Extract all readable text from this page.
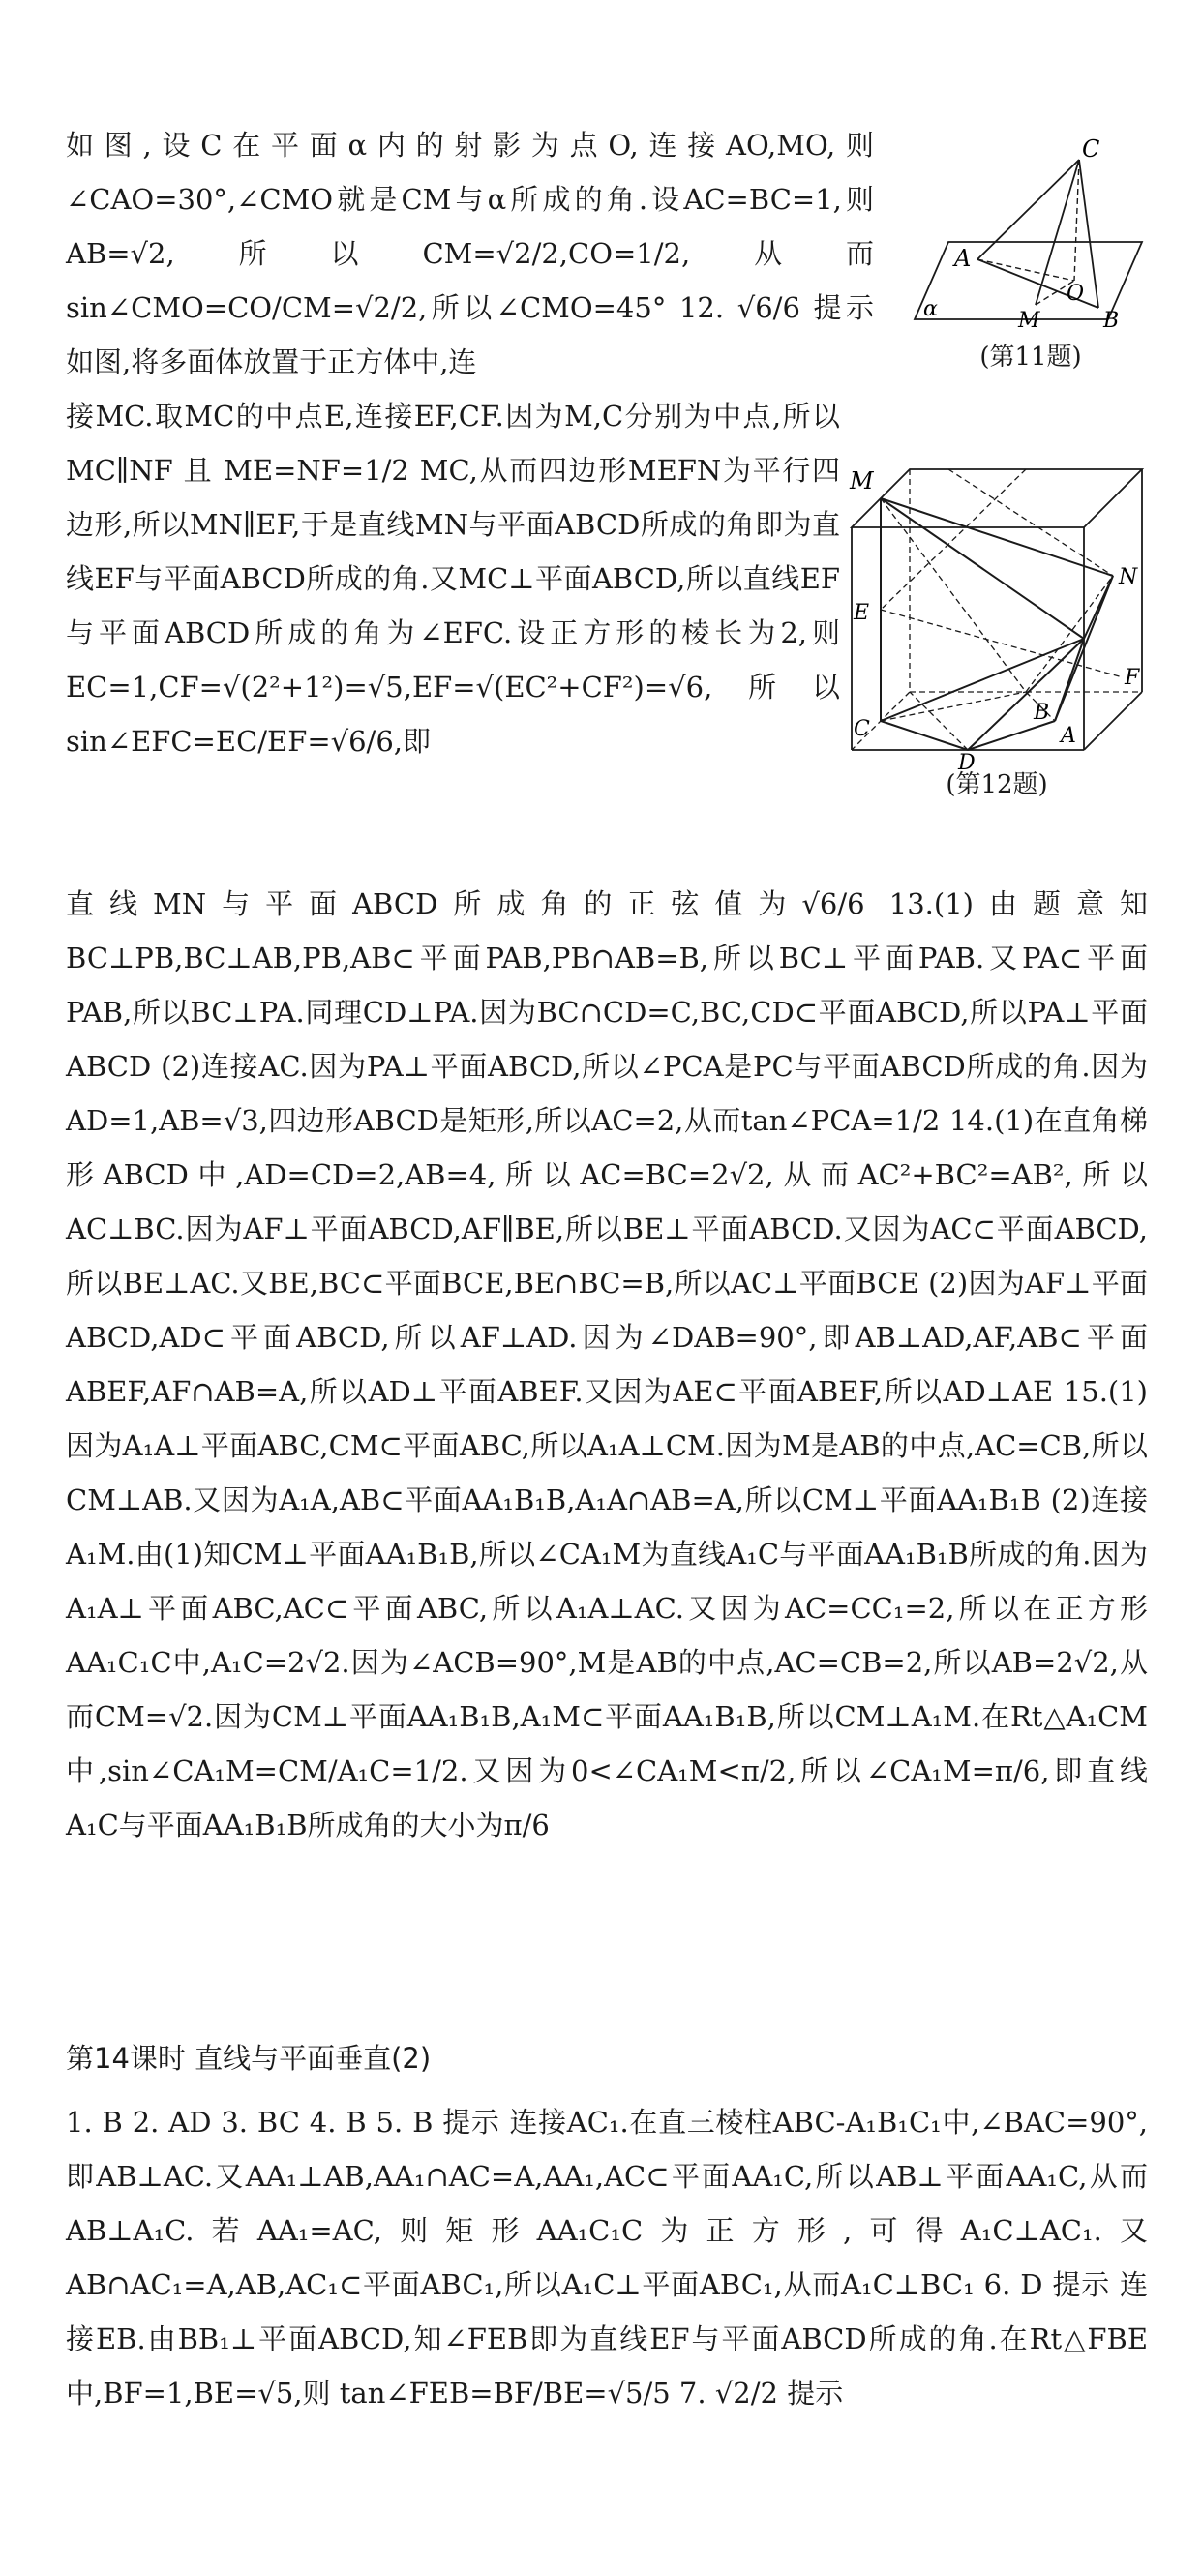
如图,设C在平面α内的射影为点O,连接AO,MO,则∠CAO=30°,∠CMO就是CM与α所成的角.设AC=BC=1,则AB=√2,所以CM=√2/2,CO=1/2,从而 sin∠CMO=CO/CM=√2/2,所以∠CMO=45° 12. √6/6 提示 如图,将多面体放置于正方体中,连

接MC.取MC的中点E,连接EF,CF.因为M,C分别为中点,所以 MC∥NF 且 ME=NF=1/2 MC,从而四边形MEFN为平行四边形,所以MN∥EF,于是直线MN与平面ABCD所成的角即为直线EF与平面ABCD所成的角.又MC⊥平面ABCD,所以直线EF与平面ABCD所成的角为∠EFC.设正方形的棱长为2,则EC=1,CF=√(2²+1²)=√5,EF=√(EC²+CF²)=√6,所以 sin∠EFC=EC/EF=√6/6,即

直线MN与平面ABCD所成角的正弦值为√6/6 13.(1)由题意知BC⊥PB,BC⊥AB,PB,AB⊂平面PAB,PB∩AB=B,所以BC⊥平面PAB.又PA⊂平面PAB,所以BC⊥PA.同理CD⊥PA.因为BC∩CD=C,BC,CD⊂平面ABCD,所以PA⊥平面ABCD (2)连接AC.因为PA⊥平面ABCD,所以∠PCA是PC与平面ABCD所成的角.因为AD=1,AB=√3,四边形ABCD是矩形,所以AC=2,从而tan∠PCA=1/2 14.(1)在直角梯形ABCD中,AD=CD=2,AB=4,所以AC=BC=2√2,从而AC²+BC²=AB²,所以AC⊥BC.因为AF⊥平面ABCD,AF∥BE,所以BE⊥平面ABCD.又因为AC⊂平面ABCD,所以BE⊥AC.又BE,BC⊂平面BCE,BE∩BC=B,所以AC⊥平面BCE (2)因为AF⊥平面ABCD,AD⊂平面ABCD,所以AF⊥AD.因为∠DAB=90°,即AB⊥AD,AF,AB⊂平面ABEF,AF∩AB=A,所以AD⊥平面ABEF.又因为AE⊂平面ABEF,所以AD⊥AE 15.(1)因为A₁A⊥平面ABC,CM⊂平面ABC,所以A₁A⊥CM.因为M是AB的中点,AC=CB,所以CM⊥AB.又因为A₁A,AB⊂平面AA₁B₁B,A₁A∩AB=A,所以CM⊥平面AA₁B₁B (2)连接A₁M.由(1)知CM⊥平面AA₁B₁B,所以∠CA₁M为直线A₁C与平面AA₁B₁B所成的角.因为A₁A⊥平面ABC,AC⊂平面ABC,所以A₁A⊥AC.又因为AC=CC₁=2,所以在正方形AA₁C₁C中,A₁C=2√2.因为∠ACB=90°,M是AB的中点,AC=CB=2,所以AB=2√2,从而CM=√2.因为CM⊥平面AA₁B₁B,A₁M⊂平面AA₁B₁B,所以CM⊥A₁M.在Rt△A₁CM中,sin∠CA₁M=CM/A₁C=1/2.又因为0<∠CA₁M<π/2,所以∠CA₁M=π/6,即直线A₁C与平面AA₁B₁B所成角的大小为π/6

第14课时 直线与平面垂直(2)

1. B 2. AD 3. BC 4. B 5. B 提示 连接AC₁.在直三棱柱ABC-A₁B₁C₁中,∠BAC=90°,即AB⊥AC.又AA₁⊥AB,AA₁∩AC=A,AA₁,AC⊂平面AA₁C,所以AB⊥平面AA₁C,从而AB⊥A₁C.若AA₁=AC,则矩形AA₁C₁C为正方形,可得A₁C⊥AC₁.又AB∩AC₁=A,AB,AC₁⊂平面ABC₁,所以A₁C⊥平面ABC₁,从而A₁C⊥BC₁ 6. D 提示 连接EB.由BB₁⊥平面ABCD,知∠FEB即为直线EF与平面ABCD所成的角.在Rt△FBE中,BF=1,BE=√5,则 tan∠FEB=BF/BE=√5/5 7. √2/2 提示

C
A
O
M	B
α
(第11题)
M
N
E
C
B
A
F
D
(第12题)
